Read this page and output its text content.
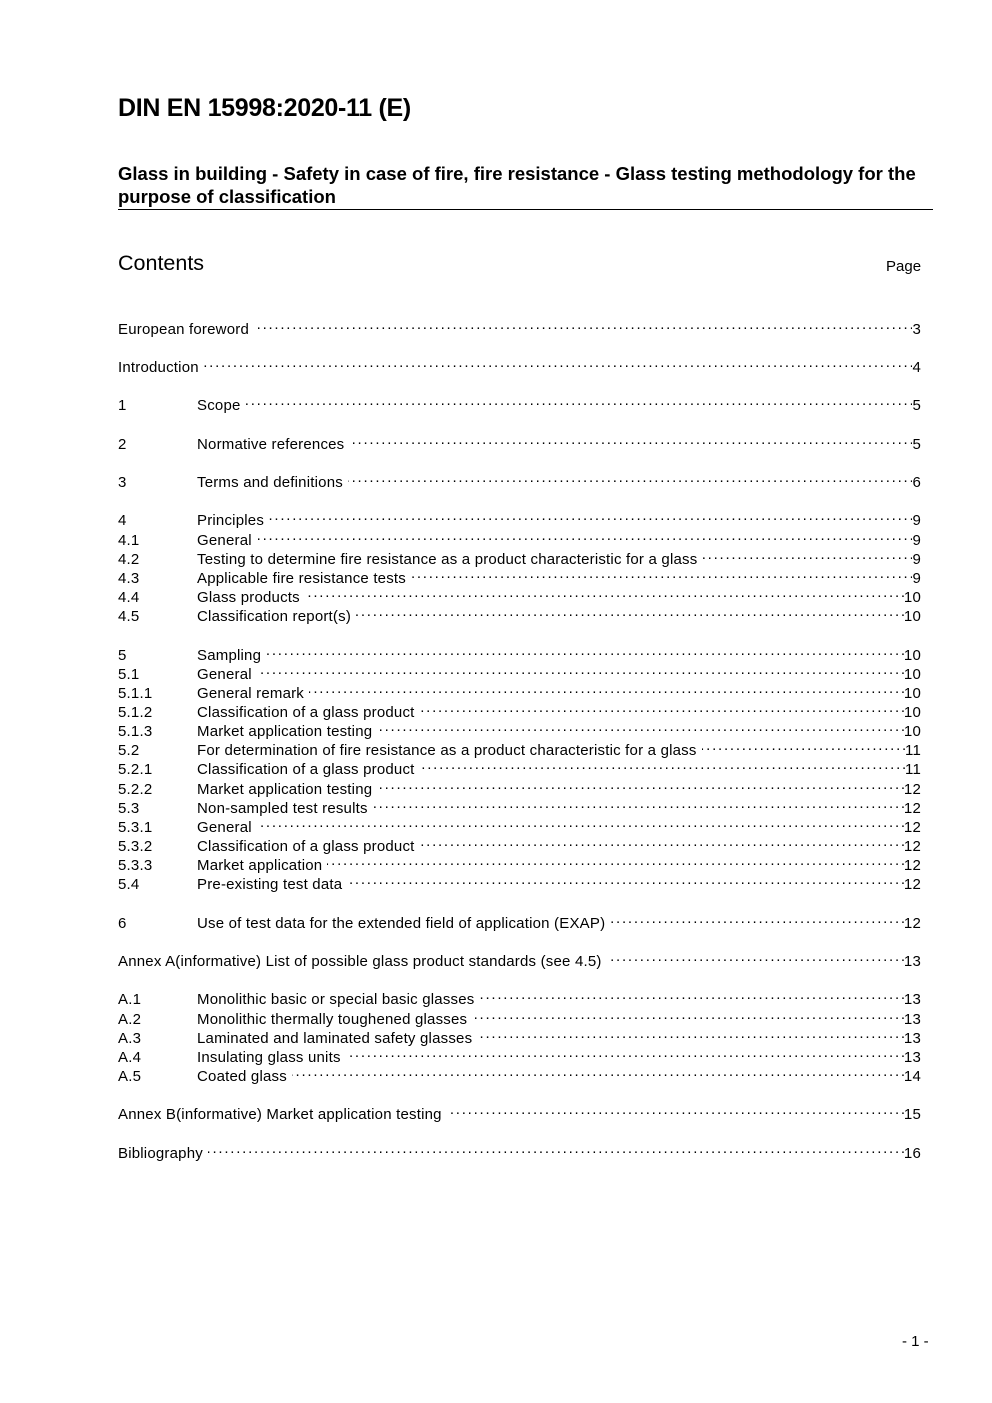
DIN EN 15998:2020-11 (E)
Glass in building - Safety in case of fire, fire resistance - Glass testing methodology for the purpose of classification
Contents	Page
European foreword . . .	3
Introduction . . .	4
1	Scope . . .	5
2	Normative references . . .	5
3	Terms and definitions . . .	6
4	Principles . . .	9
4.1	General . . .	9
4.2	Testing to determine fire resistance as a product characteristic for a glass . . .	9
4.3	Applicable fire resistance tests . . .	9
4.4	Glass products . . .	10
4.5	Classification report(s) . . .	10
5	Sampling . . .	10
5.1	General . . .	10
5.1.1	General remark . . .	10
5.1.2	Classification of a glass product . . .	10
5.1.3	Market application testing . . .	10
5.2	For determination of fire resistance as a product characteristic for a glass . . .	11
5.2.1	Classification of a glass product . . .	11
5.2.2	Market application testing . . .	12
5.3	Non-sampled test results . . .	12
5.3.1	General . . .	12
5.3.2	Classification of a glass product . . .	12
5.3.3	Market application . . .	12
5.4	Pre-existing test data . . .	12
6	Use of test data for the extended field of application (EXAP) . . .	12
Annex A(informative) List of possible glass product standards (see 4.5) . . .	13
A.1	Monolithic basic or special basic glasses . . .	13
A.2	Monolithic thermally toughened glasses . . .	13
A.3	Laminated and laminated safety glasses . . .	13
A.4	Insulating glass units . . .	13
A.5	Coated glass . . .	14
Annex B(informative) Market application testing . . .	15
Bibliography . . .	16
- 1 -
